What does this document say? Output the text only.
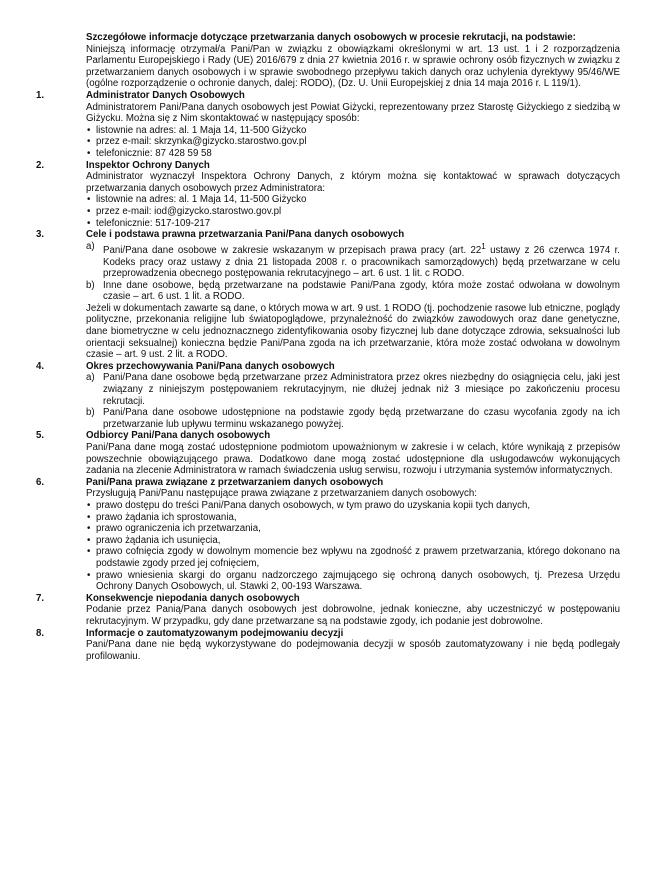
Szczegółowe informacje dotyczące przetwarzania danych osobowych w procesie rekrutacji, na podstawie:

Niniejszą informację otrzymał/a Pani/Pan w związku z obowiązkami określonymi w art. 13 ust. 1 i 2 rozporządzenia Parlamentu Europejskiego i Rady (UE) 2016/679 z dnia 27 kwietnia 2016 r. w sprawie ochrony osób fizycznych w związku z przetwarzaniem danych osobowych i w sprawie swobodnego przepływu takich danych oraz uchylenia dyrektywy 95/46/WE (ogólne rozporządzenie o ochronie danych, dalej: RODO), (Dz. U. Unii Europejskiej z dnia 14 maja 2016 r. L 119/1).

1.	Administrator Danych Osobowych

Administratorem Pani/Pana danych osobowych jest Powiat Giżycki, reprezentowany przez Starostę Giżyckiego z siedzibą w Giżycku. Można się z Nim skontaktować w następujący sposób:

• listownie na adres: al. 1 Maja 14, 11-500 Giżycko
• przez e-mail: skrzynka@gizycko.starostwo.gov.pl
• telefonicznie: 87 428 59 58
2.	Inspektor Ochrony Danych

Administrator wyznaczył Inspektora Ochrony Danych, z którym można się kontaktować w sprawach dotyczących przetwarzania danych osobowych przez Administratora:

• listownie na adres: al. 1 Maja 14, 11-500 Giżycko
• przez e-mail: iod@gizycko.starostwo.gov.pl
• telefonicznie: 517-109-217
3.	Cele i podstawa prawna przetwarzania Pani/Pana danych osobowych

a) Pani/Pana dane osobowe w zakresie wskazanym w przepisach prawa pracy (art. $22^1$ ustawy z 26 czerwca 1974 r. Kodeks pracy oraz ustawy z dnia 21 listopada 2008 r. o pracownikach samorządowych) będą przetwarzane w celu przeprowadzenia obecnego postępowania rekrutacyjnego – art. 6 ust. 1 lit. c RODO.
b) Inne dane osobowe, będą przetwarzane na podstawie Pani/Pana zgody, która może zostać odwołana w dowolnym czasie – art. 6 ust. 1 lit. a RODO.

Jeżeli w dokumentach zawarte są dane, o których mowa w art. 9 ust. 1 RODO (tj. pochodzenie rasowe lub etniczne, poglądy polityczne, przekonania religijne lub światopoglądowe, przynależność do związków zawodowych oraz dane genetyczne, dane biometryczne w celu jednoznacznego zidentyfikowania osoby fizycznej lub dane dotyczące zdrowia, seksualności lub orientacji seksualnej) konieczna będzie Pani/Pana zgoda na ich przetwarzanie, która może zostać odwołana w dowolnym czasie – art. 9 ust. 2 lit. a RODO.

4.	Okres przechowywania Pani/Pana danych osobowych

a) Pani/Pana dane osobowe będą przetwarzane przez Administratora przez okres niezbędny do osiągnięcia celu, jaki jest związany z niniejszym postępowaniem rekrutacyjnym, nie dłużej jednak niż 3 miesiące po zakończeniu procesu rekrutacji.
b) Pani/Pana dane osobowe udostępnione na podstawie zgody będą przetwarzane do czasu wycofania zgody na ich przetwarzanie lub upływu terminu wskazanego powyżej.
5.	Odbiorcy Pani/Pana danych osobowych

Pani/Pana dane mogą zostać udostępnione podmiotom upoważnionym w zakresie i w celach, które wynikają z przepisów powszechnie obowiązującego prawa. Dodatkowo dane mogą zostać udostępnione dla usługodawców wykonujących zadania na zlecenie Administratora w ramach świadczenia usług serwisu, rozwoju i utrzymania systemów informatycznych.

6.	Pani/Pana prawa związane z przetwarzaniem danych osobowych

Przysługują Pani/Panu następujące prawa związane z przetwarzaniem danych osobowych:

• prawo dostępu do treści Pani/Pana danych osobowych, w tym prawo do uzyskania kopii tych danych,
• prawo żądania ich sprostowania,
• prawo ograniczenia ich przetwarzania,
• prawo żądania ich usunięcia,
• prawo cofnięcia zgody w dowolnym momencie bez wpływu na zgodność z prawem przetwarzania, którego dokonano na podstawie zgody przed jej cofnięciem,
• prawo wniesienia skargi do organu nadzorczego zajmującego się ochroną danych osobowych, tj. Prezesa Urzędu Ochrony Danych Osobowych, ul. Stawki 2, 00-193 Warszawa.
7.	Konsekwencje niepodania danych osobowych

Podanie przez Panią/Pana danych osobowych jest dobrowolne, jednak konieczne, aby uczestniczyć w postępowaniu rekrutacyjnym. W przypadku, gdy dane przetwarzane są na podstawie zgody, ich podanie jest dobrowolne.

8.	Informacje o zautomatyzowanym podejmowaniu decyzji

Pani/Pana dane nie będą wykorzystywane do podejmowania decyzji w sposób zautomatyzowany i nie będą podlegały profilowaniu.
